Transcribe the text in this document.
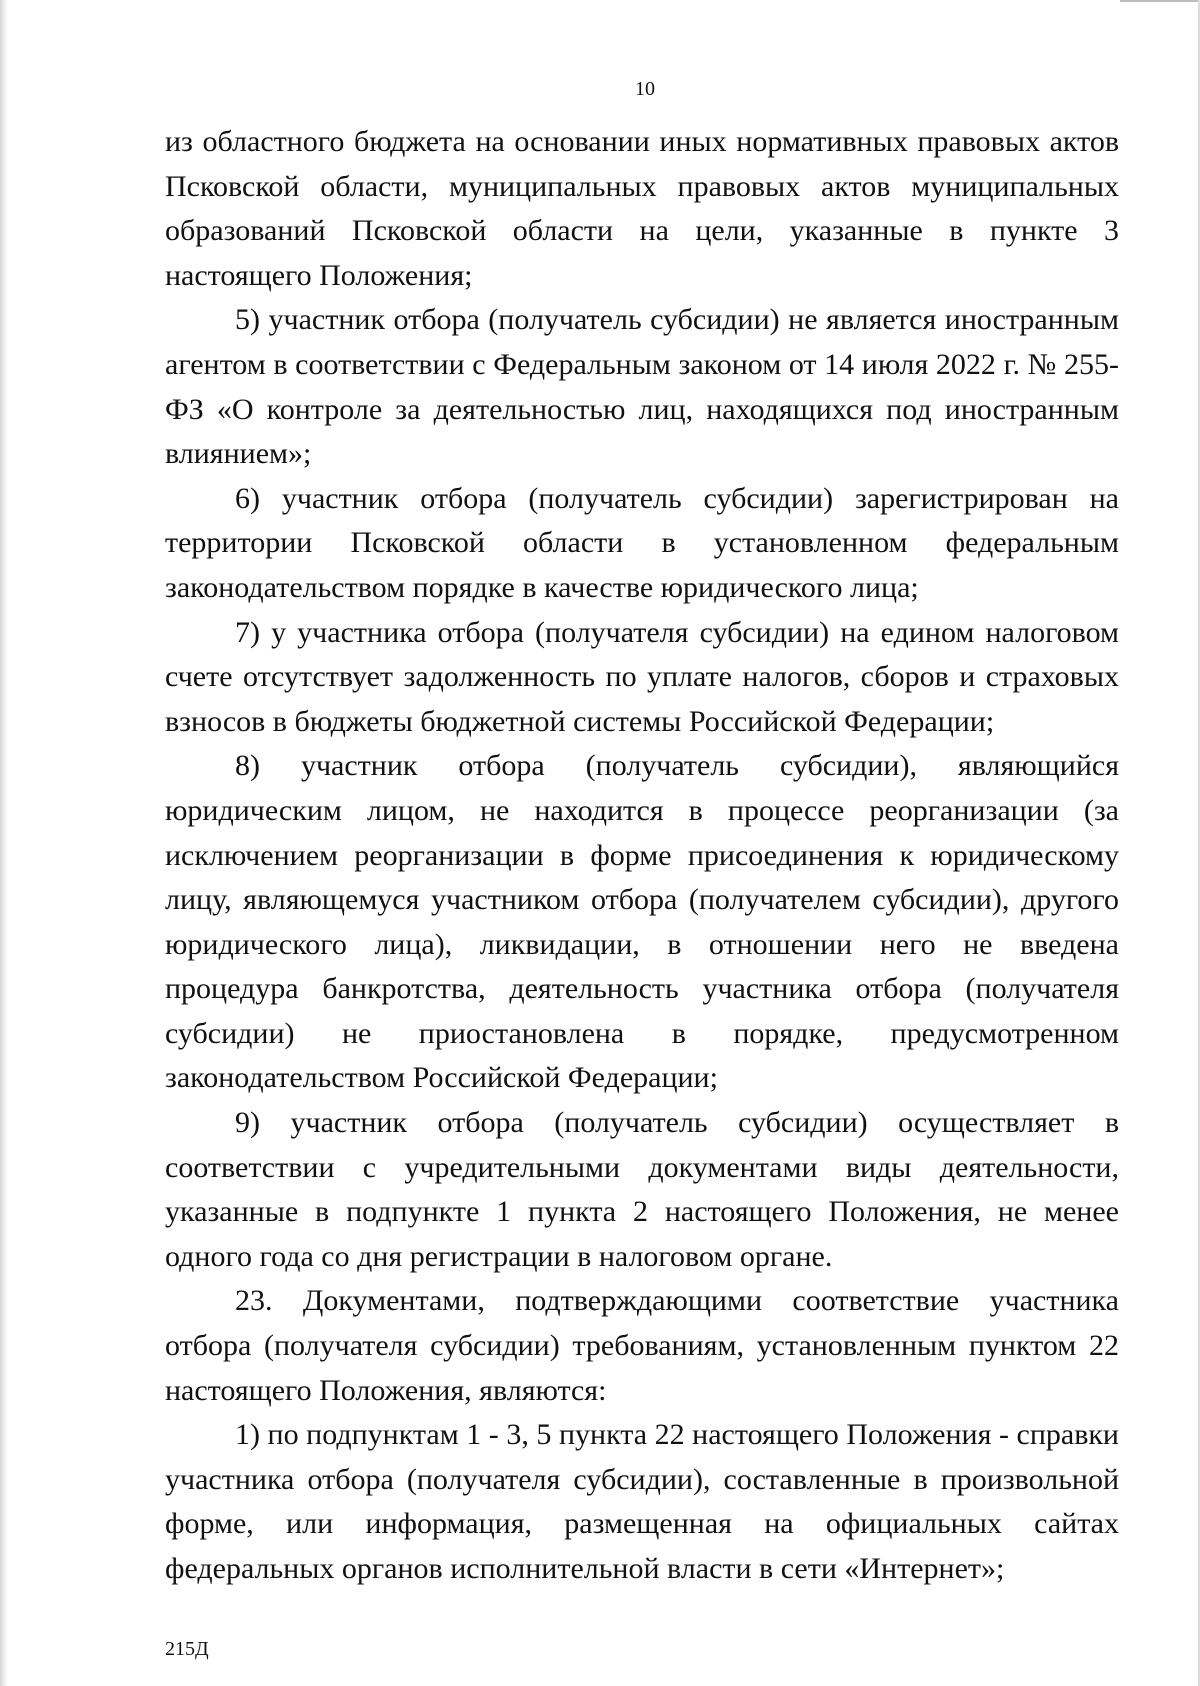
10

из областного бюджета на основании иных нормативных правовых актов Псковской области, муниципальных правовых актов муниципальных образований Псковской области на цели, указанные в пункте 3 настоящего Положения;

5) участник отбора (получатель субсидии) не является иностранным агентом в соответствии с Федеральным законом от 14 июля 2022 г. № 255-ФЗ «О контроле за деятельностью лиц, находящихся под иностранным влиянием»;

6) участник отбора (получатель субсидии) зарегистрирован на территории Псковской области в установленном федеральным законодательством порядке в качестве юридического лица;

7) у участника отбора (получателя субсидии) на едином налоговом счете отсутствует задолженность по уплате налогов, сборов и страховых взносов в бюджеты бюджетной системы Российской Федерации;

8) участник отбора (получатель субсидии), являющийся юридическим лицом, не находится в процессе реорганизации (за исключением реорганизации в форме присоединения к юридическому лицу, являющемуся участником отбора (получателем субсидии), другого юридического лица), ликвидации, в отношении него не введена процедура банкротства, деятельность участника отбора (получателя субсидии) не приостановлена в порядке, предусмотренном законодательством Российской Федерации;

9) участник отбора (получатель субсидии) осуществляет в соответствии с учредительными документами виды деятельности, указанные в подпункте 1 пункта 2 настоящего Положения, не менее одного года со дня регистрации в налоговом органе.

23. Документами, подтверждающими соответствие участника отбора (получателя субсидии) требованиям, установленным пунктом 22 настоящего Положения, являются:

1) по подпунктам 1 - 3, 5 пункта 22 настоящего Положения - справки участника отбора (получателя субсидии), составленные в произвольной форме, или информация, размещенная на официальных сайтах федеральных органов исполнительной власти в сети «Интернет»;

215Д
